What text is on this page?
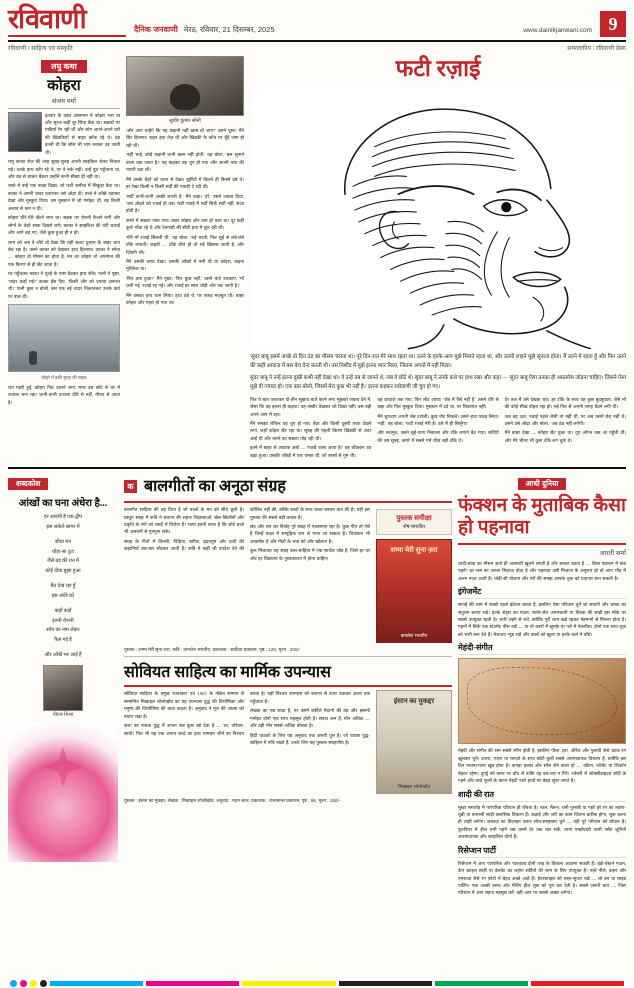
रविवाणी	दैनिक जनवाणी मेरठ, रविवार, 21 दिसम्बर, 2025	www.dainikjanwani.com 9
रविवाणी / साहित्य एवं संस्कृति	सम्पादकीय : रविवाणी डेस्क
लघु कथा
कोहरा
संजय वर्मा

इतवार के वक्त आसमान में कोहरा भरा था और सूरज कहीं दूर छिपा बैठा था। सड़कों पर गाड़ियाँ रेंग रही थीं और लोग अपने-अपने घरों की खिड़कियों से बाहर झाँक रहे थे। ठंड इतनी थी कि साँस भी भाप बनकर उड़ जाती थी।

रामू काका रोज़ की तरह सुबह-सुबह अपनी साइकिल लेकर निकल पड़े। उनके हाथ काँप रहे थे, पर वे रुके नहीं। उन्हें दूध पहुँचाना था, और ठंड से डरकर बैठना उन्होंने कभी सीखा ही नहीं था।

रास्ते में उन्हें एक बच्चा दिखा, जो फटी कमीज़ में सिकुड़ा बैठा था। काका ने अपनी चादर उतारकर उसे ओढ़ा दी। बच्चे ने आँखें उठाकर देखा और मुस्कुरा दिया। उस मुस्कान में जो गर्माहट थी, वह किसी अलाव से कम न थी।

कोहरा धीरे-धीरे छँटने लगा था। सड़क पर रोशनी फैलने लगी और लोगों के चेहरे साफ़ दिखने लगे। काका ने साइकिल की घंटी बजाई और आगे बढ़ गए, जैसे कुछ हुआ ही न हो।

शाम को जब वे लौटे तो देखा कि वही बच्चा दुकान के बाहर चाय बेच रहा है। उसने काका को देखकर हाथ हिलाया। काका ने सोचा — कोहरा तो मौसम का होता है, मन का कोहरा तो अपनेपन की एक किरण से ही छँट जाता है।

घर पहुँचकर काका ने चूल्हे के पास बैठकर हाथ सेंके। पत्नी ने पूछा, 'चादर कहाँ गई?' काका हँस दिए, 'किसी और को ज़्यादा ज़रूरत थी।' पत्नी कुछ न बोली, बस एक नई चादर निकालकर उनके कंधे पर डाल दी।

कोहरे में ढकी सुबह की सड़क

रात गहरी हुई, कोहरा फिर उतरने लगा, मगर उस छोटे से घर में उजाला बना रहा। कभी-कभी उजाला दीये से नहीं, नीयत से आता है।

सुधीर कुमार सोनी

'और आप चाहेंगे कि यह कहानी यहीं खत्म हो जाए?' उसने पूछा। मैंने सिर हिलाया। बाहर हवा तेज़ थी और खिड़की के काँच पर बूँदें जमा हो रही थीं।

'नहीं भाई, कोई कहानी कभी खत्म नहीं होती,' वह बोला, 'बस सुनाने वाला थक जाता है।' यह कहकर वह चुप हो गया और अपनी चाय की प्याली उठा ली।

मैंने उसके चेहरे को ध्यान से देखा। झुर्रियों में कितने ही किस्से दबे थे। हर रेखा किसी न किसी सर्दी की गवाही दे रही थी।

'सर्दी कभी-कभी अच्छी लगती है,' मैंने कहा। 'हाँ,' उसने जवाब दिया, 'जब ओढ़ने को रजाई हो तब। फटी रजाई में सर्दी सिर्फ़ सर्दी नहीं, सज़ा होती है।'

कमरे में सन्नाटा पसर गया। बाहर कोहरा और घना हो चला था। दूर कहीं कुत्ते भौंक रहे थे और रेलगाड़ी की सीटी हवा में घुल रही थी।

'मेरी माँ रजाई सिलती थी,' वह बोला, 'रुई भरती, फिर सुई से लंबे-लंबे टाँके लगाती। कहती — टाँके ढीले हों तो रुई खिसक जाती है, और ज़िंदगी भी।'

मैंने उसकी तरफ़ देखा। उसकी आँखों में नमी थी या कोहरा, कहना मुश्किल था।

'फिर क्या हुआ?' मैंने पूछा। 'फिर कुछ नहीं,' उसने कंधे उचकाए, 'माँ चली गई, रजाई रह गई। और रजाई हर साल थोड़ी और फट जाती है।'

मैंने उसका हाथ थाम लिया। हाथ ठंडे थे, पर पकड़ मज़बूत थी। बाहर कोहरा और गहरा हो गया था।

फटी रज़ाई

'सुंदर बाबू इसमें अच्छे तो दिन ठंड का मौसम चलता था। पूरे दिन-रात मेरे साथ रहता था। उतने के हल्के-आप मुझे मिलते रहता था, और उतनी लाइने मुझे सुनाता होता। मैं उतने में रहता हूँ और फिर उतने की कहीं आवाज़ में बस बेच देना करती थी। उस निशीद में मुझे इतना प्यार मिला, जितना अपनों में नहीं मिला।

सुंदर बाबू ने उन्हें इतना दुखी कभी नहीं देखा था। वे उन्हें तब से जानते थे, जब वे छोटे थे। सुंदर बाबू ने उनके कंधे पर हाथ रखा और कहा — 'सुंदर बाबू ऐसा उनका ही अफ़सोस जोड़ना चाहिए। जिसने ऐसा मुझे दी ज्यादा हो। एक बात बोलो, जिसमें मेरा कुछ भी नहीं है।' इतना कहकर रघोवाणी जी चुप हो गए।

फिर वे बात पलटकर दो-तीन सुझाव बातें करने लगा मुझको जवाब देने में, जैसा कि वह इतना ही कहता। वह तस्वीर देखकर जो दिखा नहीं। बस वही अपने आप में रहा।

मैंने समझा लेकिन वह चुप हो गया, बैठा और किसी दूसरी तरफ़ देखने लगा, जहाँ कोहरा छँट रहा था। सुबह की पहली किरण खिड़की से अंदर आई थी और कमरे का सन्नाटा तोड़ रही थी।

इतने में बाहर से आवाज़ आई — 'रजाई वाला आया है!' वह चौंककर उठ खड़ा हुआ। उसकी आँखों में एक चमक थी, जो बरसों से गुम थी।

वह दरवाज़े तक गया, फिर लौट आया। 'जेब में पैसे नहीं हैं,' उसने धीरे से कहा और फिर मुस्कुरा दिया। मुस्कान में दर्द था, पर शिकायत नहीं।

मैंने चुपचाप अपनी जेब टटोली। कुछ नोट निकले। उसने हाथ पकड़ लिया। 'नहीं,' वह बोला, 'फटी रजाई मेरी है। उसे मैं ही सिलूँगा।'

और सचमुच, उसने सुई-धागा निकाला और टाँके लगाने बैठ गया। सर्दियों की उस सुबह, कमरे में सबसे गर्म चीज़ वही टाँके थे।

देर तक मैं उसे देखता रहा। हर टाँके के साथ वह कुछ बुदबुदाता, जैसे माँ की कोई सीख दोहरा रहा हो। रुई फिर से अपनी जगह बैठने लगी थी।

जब वह उठा, रजाई पहले जैसी तो नहीं थी, पर अब उसमें छेद नहीं थे। उसने उसे ओढ़ा और बोला, 'अब ठंड नहीं लगेगी।'

मैंने बाहर देखा — कोहरा छँट चुका था। धूप आँगन तक आ पहुँची थी। और मेरे भीतर भी कुछ टाँके लग चुके थे।

शब्दकोश
आंखों का घना अंधेरा है...
हर आदमी है एक द्वीप
इस अकेले सागर में
सीधा मन
थोड़ा-सा टूटा
जैसे ठंड की रात में
कोई दीया बुझा हुआ
बैठ देख रहा हूँ
इस अंधेरे को
कहाँ कहाँ
इतनी रोशनी
सोच का नाम लेकर
फैल गई है
और आँखें भर आई हैं
नीरज मिश्रा
क बालगीतों का अनूठा संग्रह

बालगीत साहित्य की वह विधा है जो बच्चों के मन को सीधे छूती है। प्रस्तुत संग्रह में कवि ने बचपन की सहज जिज्ञासाओं, खेल-खिलौनों और प्रकृति के रंगों को शब्दों में पिरोया है। भाषा इतनी सरल है कि छोटे बच्चे भी आसानी से गुनगुना सकें।

संग्रह के गीतों में तितली, चिड़िया, बारिश, इंद्रधनुष और दादी की कहानियाँ बार-बार लौटकर आती हैं। कवि ने कहीं भी उपदेश देने की कोशिश नहीं की, बल्कि बच्चों के साथ बच्चा बनकर बात की है। यही इस पुस्तक की सबसे बड़ी ताकत है।

छंद और लय का निर्वाह पूरे संग्रह में एकसमान रहा है। कुछ गीत तो ऐसे हैं जिन्हें कक्षा में सामूहिक रूप से गाया जा सकता है। चित्रांकन भी आकर्षक है और गीतों के भाव को और खोलता है।

कुल मिलाकर यह संग्रह बाल-साहित्य में एक सार्थक जोड़ है, जिसे हर घर और हर विद्यालय के पुस्तकालय में होना चाहिए।

पुस्तक समीक्षा
शेष रामजीत
शम्मा मेरी सुना ज़रा
कमलेश भारतीय
पुस्तक : शम्मा मेरी सुना ज़रा, कवि : कमलेश भारतीय, प्रकाशक : सर्वोदय प्रकाशन, पृष्ठ : 120, मूल्य : 200/-
सोवियत साहित्य का मार्मिक उपन्यास

सोवियत साहित्य के प्रमुख रचनाकार एवं 1965 के नोबेल सम्मान से सम्मानित मिखाइल शोलोखोव का यह उपन्यास युद्ध की विभीषिका और मनुष्य की जिजीविषा की कथा कहता है। अनुवाद ने मूल की आत्मा को बचाए रखा है।

कथा का नायक युद्ध में अपना सब कुछ खो देता है — घर, परिवार, साथी। फिर भी वह एक अनाथ बच्चे का हाथ थामकर जीने का निश्चय करता है। यही निश्चय उपन्यास को करुणा से ऊपर उठाकर आशा तक पहुँचाता है।

लेखक का गद्य सादा है, पर उसमें बर्फ़ीले मैदानों की ठंड और इंसानी गर्माहट दोनों एक साथ महसूस होती है। संवाद कम हैं, मौन अधिक — और वही मौन सबसे अधिक बोलता है।

हिंदी पाठकों के लिए यह अनुवाद एक ज़रूरी पुल है। जो पाठक युद्ध-साहित्य में रुचि रखते हैं, उनके लिए यह पुस्तक संग्रहणीय है।

इंसान का मुकद्दर
मिखाइल शोलोखोव
पुस्तक : इंसान का मुकद्दर, लेखक : मिखाइल शोलोखोव, अनुवाद : मदन लाल, प्रकाशक : राजकमल प्रकाशन, पृष्ठ : 96, मूल्य : 150/-
आधी दुनिया
फंक्शन के मुताबिक कैसा हो पहनावा
आरती शर्मा
शादी-ब्याह का मौसम आते ही अलमारी खुलने लगती है और सवाल उठता है — किस फंक्शन में क्या पहनें? हर रस्म का अपना मिज़ाज होता है और पहनावा उसी मिज़ाज के अनुरूप हो तो आप भीड़ में अलग नज़र आती हैं। थोड़ी-सी योजना और रंगों की समझ आपके लुक को यादगार बना सकती है।
इंगेजमेंट
सगाई की शाम में सबसे पहले इंप्रेशन बनता है, इसलिए ऐसा परिधान चुनें जो सादगी और चमक का संतुलन बनाए रखे। हल्के शेड्स का गाउन, फ्लोर-लेंथ अनारकली या सिल्क की साड़ी इस मौके पर सबसे उपयुक्त रहती है। भारी लहंगे से बचें, क्योंकि पूरी शाम खड़े रहकर मेहमानों से मिलना होता है। गहनों में सिर्फ़ एक स्टेटमेंट पीस रखें — या तो कानों में झुमके या गले में नेकपीस। दोनों एक साथ लुक को भारी बना देते हैं। मेकअप न्यूड रखें और बालों को खुला या हल्के कर्ल में बाँधें।
मेहंदी-संगीत
मेहंदी और संगीत की रस्म सबसे रंगीन होती है, इसलिए पीला, हरा, ऑरेंज और गुलाबी जैसे चटक रंग खुलकर चुनें। शरारा, गरारा या प्लाज़ो के साथ छोटी कुर्ती सबसे आरामदायक विकल्प है, क्योंकि इस दिन नाचना-गाना खूब होता है। कपड़ा हल्का और साँस लेने वाला हो — कॉटन, जॉर्जेट या शिफॉन बेहतर रहेगा। दुपट्टे को कमर पर बाँध लें ताकि वह बार-बार न गिरे। ज्वेलरी में ऑक्सीडाइज़्ड चाँदी के गहने और ताज़े फूलों के कंगन मेहंदी वाले हाथों पर बेहद सुंदर लगते हैं।
शादी की रात
मुख्य समारोह में पारंपरिक परिधान ही जँचता है। लाल, मैरून, रानी गुलाबी या गहरे हरे रंग का लहंगा-चुन्नी या बनारसी साड़ी क्लासिक विकल्प हैं। कढ़ाई और ज़री का काम जितना बारीक होगा, लुक उतना ही शाही लगेगा। ब्लाउज़ का डिज़ाइन ज़रूर सोच-समझकर चुनें — वही पूरे परिधान को बाँधता है। फुटवियर में हील तभी पहनें जब उसमें देर तक चल सकें, वरना एम्ब्रॉयडरी वाली फ्लैट जूतियाँ आरामदायक और स्टाइलिश दोनों हैं।
रिसेप्शन पार्टी
रिसेप्शन में आप पारंपरिक और पाश्चात्य दोनों तरह के विकल्प आज़मा सकती हैं। इंडो-वेस्टर्न गाउन, केप स्टाइल साड़ी या वेलवेट का लहंगा सर्दियों की शाम के लिए उपयुक्त है। गहरे नीले, वाइन और एमराल्ड जैसे रंग फ़ोटो में बेहद अच्छे आते हैं। हेयरस्टाइल को साफ़-सुथरा रखें — लो बन या साइड पार्टिंग। एक अच्छी क्लच और मैचिंग हील लुक को पूरा कर देती है। सबसे ज़रूरी बात — जिस परिधान में आप सहज महसूस करें, वही आप पर सबसे अच्छा लगेगा।
